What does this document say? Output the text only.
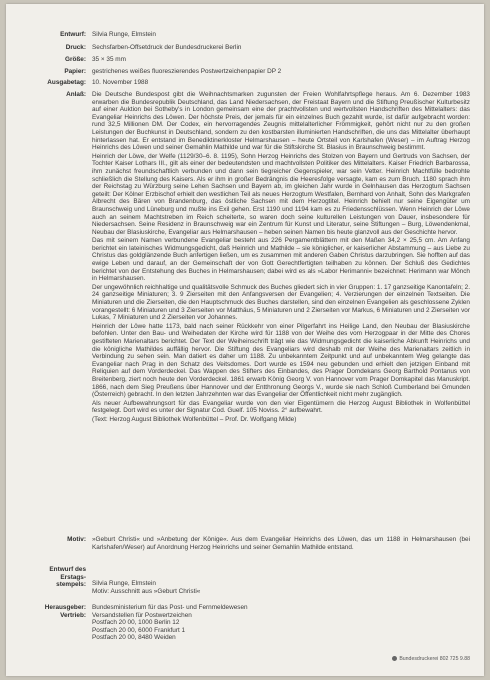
Entwurf: Silvia Runge, Elmstein
Druck: Sechsfarben-Offsetdruck der Bundesdruckerei Berlin
Größe: 35 × 35 mm
Papier: gestrichenes weißes fluoreszierendes Postwertzeichenpapier DP 2
Ausgabetag: 10. November 1988
Anlaß: Die Deutsche Bundespost gibt die Weihnachtsmarken zugunsten der Freien Wohlfahrtspflege heraus. Am 6. Dezember 1983 erwarben die Bundesrepublik Deutschland, das Land Niedersachsen, der Freistaat Bayern und die Stiftung Preußischer Kulturbesitz auf einer Auktion bei Sotheby's in London gemeinsam eine der prachtvollsten und wertvollsten Handschriften des Mittelalters: das Evangeliar Heinrichs des Löwen. Der höchste Preis, der jemals für ein einzelnes Buch gezahlt wurde, ist dafür aufgebracht worden: rund 32,5 Millionen DM. Der Codex, ein hervorragendes Zeugnis mittelalterlicher Frömmigkeit, gehört nicht nur zu den großen Leistungen der Buchkunst in Deutschland, sondern zu den kostbarsten illuminierten Handschriften, die uns das Mittelalter überhaupt hinterlassen hat. Er entstand im Benediktinerkloster Helmarshausen – heute Ortsteil von Karlshafen (Weser) – im Auftrag Herzog Heinrichs des Löwen und seiner Gemahlin Mathilde und war für die Stiftskirche St. Blasius in Braunschweig bestimmt.

Heinrich der Löwe, der Welfe (1129/30–6. 8. 1195), Sohn Herzog Heinrichs des Stolzen von Bayern und Gertruds von Sachsen, der Tochter Kaiser Lothars III., gilt als einer der bedeutendsten und machtvollsten Politiker des Mittelalters. Kaiser Friedrich Barbarossa, ihm zunächst freundschaftlich verbunden und dann sein tiegreicher Gegenspieler, war sein Vetter. Heinrich Machtfülle bedrohte schließlich die Stellung des Kaisers. Als er ihm in großer Bedrängnis die Heeresfolge versagte, kam es zum Bruch. 1180 sprach ihm der Reichstag zu Würzburg seine Lehen Sachsen und Bayern ab, im gleichen Jahr wurde in Gelnhausen das Herzogtum Sachsen geteilt: Der Kölner Erzbischof erhielt den westlichen Teil als neues Herzogtum Westfalen, Bernhard von Anhalt, Sohn des Markgrafen Albrecht des Bären von Brandenburg, das östliche Sachsen mit dem Herzogtitel. Heinrich behielt nur seine Eigengüter um Braunschweig und Lüneburg und mußte ins Exil gehen. Erst 1190 und 1194 kam es zu Friedensschlüssen. Wenn Heinrich der Löwe auch an seinem Machtstreben im Reich scheiterte, so waren doch seine kulturellen Leistungen von Dauer, insbesondere für Niedersachsen. Seine Residenz in Braunschweig war ein Zentrum für Kunst und Literatur, seine Stiftungen – Burg, Löwendenkmal, Neubau der Blasiuskirche, Evangeliar aus Helmarshausen – heben seinen Namen bis heute glanzvoll aus der Geschichte hervor.

Das mit seinem Namen verbundene Evangeliar besteht aus 226 Pergamentblättern mit den Maßen 34,2 × 25,5 cm. Am Anfang berichtet ein lateinisches Widmungsgedicht, daß Heinrich und Mathilde – sie königlicher, er kaiserlicher Abstammung – aus Liebe zu Christus das goldglänzende Buch anfertigen ließen, um es zusammen mit anderen Gaben Christus darzubringen. Sie hofften auf das ewige Leben und darauf, an der Gemeinschaft der von Gott Gerechtfertigten teilhaben zu können. Der Schluß des Gedichtes berichtet von der Entstehung des Buches in Helmarshausen; dabei wird es als »Labor Herimanni« bezeichnet: Herimann war Mönch in Helmarshausen.

Der ungewöhnlich reichhaltige und qualitätsvolle Schmuck des Buches gliedert sich in vier Gruppen: 1. 17 ganzseitige Kanontafeln; 2. 24 ganzseitige Miniaturen; 3. 9 Zierseiten mit den Anfangsversen der Evangelien; 4. Verzierungen der einzelnen Textseiten. Die Miniaturen und die Zierseiten, die den Hauptschmuck des Buches darstellen, sind den einzelnen Evangelien als geschlossene Zyklen vorangestellt: 6 Miniaturen und 3 Zierseiten vor Matthäus, 5 Miniaturen und 2 Zierseiten vor Markus, 6 Miniaturen und 2 Zierseiten vor Lukas, 7 Miniaturen und 2 Zierseiten vor Johannes.

Heinrich der Löwe hatte 1173, bald nach seiner Rückkehr von einer Pilgerfahrt ins Heilige Land, den Neubau der Blasiuskirche befohlen. Unter den Bau- und Weihedaten der Kirche wird für 1188 von der Weihe des vom Herzogpaar in der Mitte des Chores gestifteten Marienaltars berichtet. Der Text der Weiheinschrift trägt wie das Widmungsgedicht die kaiserliche Abkunft Heinrichs und die königliche Mathildes auffällig hervor. Die Stiftung des Evangeliars wird deshalb mit der Weihe des Marienaltars zeitlich in Verbindung zu sehen sein. Man datiert es daher um 1188. Zu unbekanntem Zeitpunkt und auf unbekanntem Weg gelangte das Evangeliar nach Prag in den Schatz des Veitsdomes. Dort wurde es 1594 neu gebunden und erhielt den jetzigen Einband mit Reliquien auf dem Vorderdeckel. Das Wappen des Stifters des Einbandes, des Prager Domdekans Georg Barthold Pontanus von Breitenberg, ziert noch heute den Vorderdeckel. 1861 erwarb König Georg V. von Hannover vom Prager Domkapitel das Manuskript. 1866, nach dem Sieg Preußens über Hannover und der Entthronung Georgs V., wurde sie nach Schloß Cumberland bei Gmunden (Österreich) gebracht. In den letzten Jahrzehnten war das Evangeliar der Öffentlichkeit nicht mehr zugänglich.

Als neuer Aufbewahrungsort für das Evangeliar wurde von den vier Eigentümern die Herzog August Bibliothek in Wolfenbüttel festgelegt. Dort wird es unter der Signatur Cod. Guelf. 105 Noviss. 2° aufbewahrt.

(Text: Herzog August Bibliothek Wolfenbüttel – Prof. Dr. Wolfgang Milde)

Motiv: »Geburt Christi« und »Anbetung der Könige«. Aus dem Evangeliar Heinrichs des Löwen, das um 1188 in Helmarshausen (bei Karlshafen/Weser) auf Anordnung Herzog Heinrichs und seiner Gemahlin Mathilde entstand.
Entwurf des
Erstags-
stempels: Silvia Runge, Elmstein
Motiv: Ausschnitt aus »Geburt Christi«
Herausgeber:
Vertrieb:
Bundesministerium für das Post- und Fernmeldewesen
Versandstellen für Postwertzeichen
Postfach 20 00, 1000 Berlin 12
Postfach 20 00, 6000 Frankfurt 1
Postfach 20 00, 8480 Weiden
Bundesdruckerei 802 725 9.88
